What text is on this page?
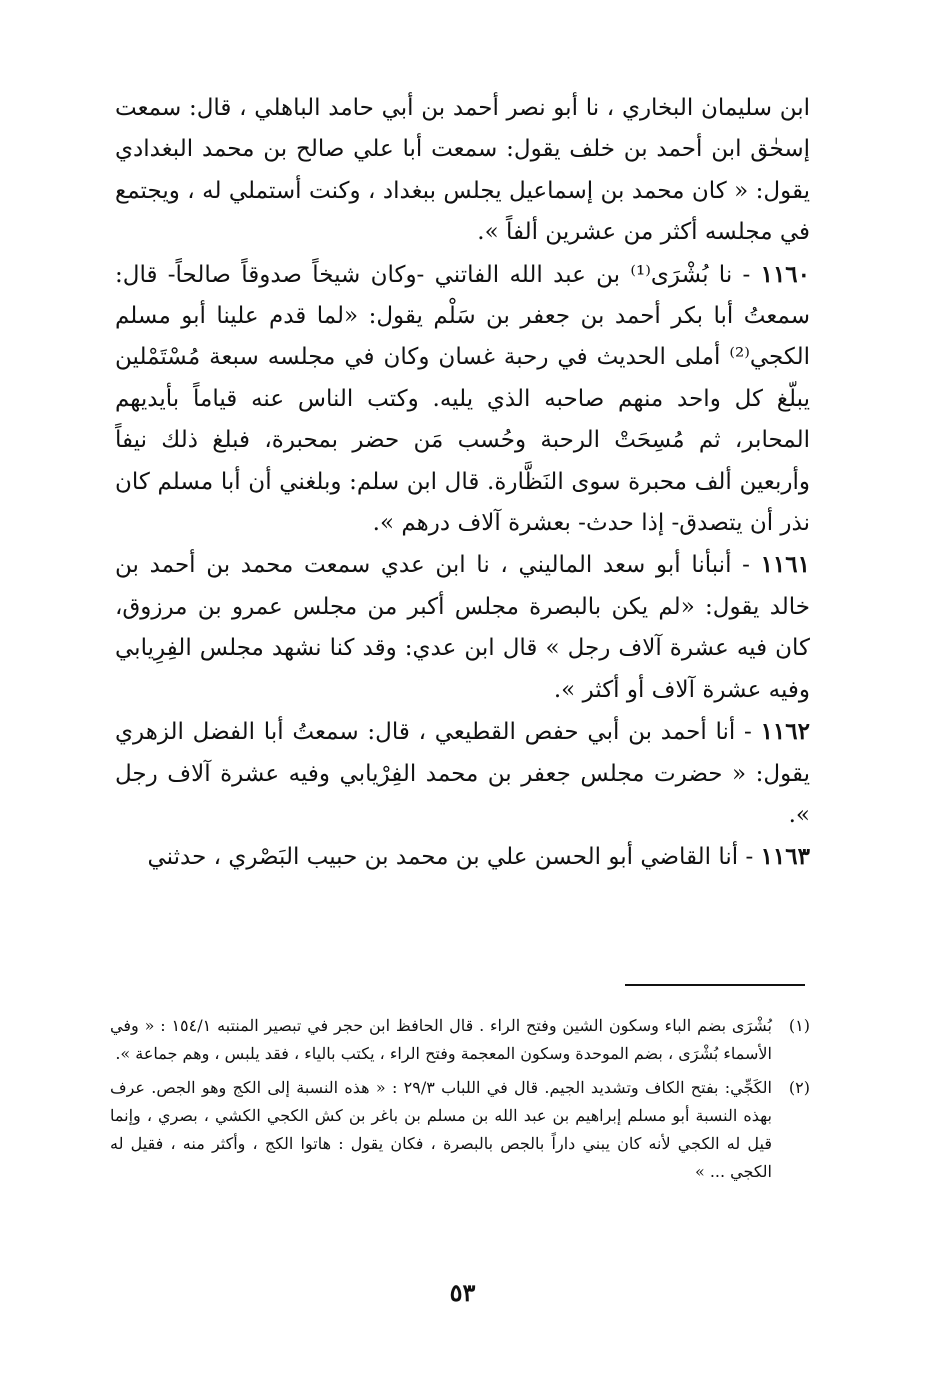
ابن سليمان البخاري ، نا أبو نصر أحمد بن أبي حامد الباهلي ، قال: سمعت إسحٰق ابن أحمد بن خلف يقول: سمعت أبا علي صالح بن محمد البغدادي يقول: « كان محمد بن إسماعيل يجلس ببغداد ، وكنت أستملي له ، ويجتمع في مجلسه أكثر من عشرين ألفاً ».

١١٦٠ - نا بُشْرَى⁽¹⁾ بن عبد الله الفاتني -وكان شيخاً صدوقاً صالحاً- قال: سمعتُ أبا بكر أحمد بن جعفر بن سَلْم يقول: «لما قدم علينا أبو مسلم الكجي⁽²⁾ أملى الحديث في رحبة غسان وكان في مجلسه سبعة مُسْتَمْلين يبلّغ كل واحد منهم صاحبه الذي يليه. وكتب الناس عنه قياماً بأيديهم المحابر، ثم مُسِحَتْ الرحبة وحُسب مَن حضر بمحبرة، فبلغ ذلك نيفاً وأربعين ألف محبرة سوى النَظَّارة. قال ابن سلم: وبلغني أن أبا مسلم كان نذر أن يتصدق- إذا حدث- بعشرة آلاف درهم ».

١١٦١ - أنبأنا أبو سعد الماليني ، نا ابن عدي سمعت محمد بن أحمد بن خالد يقول: «لم يكن بالبصرة مجلس أكبر من مجلس عمرو بن مرزوق، كان فيه عشرة آلاف رجل » قال ابن عدي: وقد كنا نشهد مجلس الفِرِيابي وفيه عشرة آلاف أو أكثر ».

١١٦٢ - أنا أحمد بن أبي حفص القطيعي ، قال: سمعتُ أبا الفضل الزهري يقول: « حضرت مجلس جعفر بن محمد الفِرْيابي وفيه عشرة آلاف رجل ».

١١٦٣ - أنا القاضي أبو الحسن علي بن محمد بن حبيب البَصْري ، حدثني

(١)
بُشْرَى بضم الباء وسكون الشين وفتح الراء . قال الحافظ ابن حجر في تبصير المنتبه ١٥٤/١ : « وفي الأسماء بُشْرَى ، بضم الموحدة وسكون المعجمة وفتح الراء ، يكتب بالياء ، فقد يلبس ، وهم جماعة ».
(٢)
الكَجِّي: بفتح الكاف وتشديد الجيم. قال في اللباب ٢٩/٣ : « هذه النسبة إلى الكج وهو الجص. عرف بهذه النسبة أبو مسلم إبراهيم بن عبد الله بن مسلم بن باغر بن كش الكجي الكشي ، بصري ، وإنما قيل له الكجي لأنه كان يبني داراً بالجص بالبصرة ، فكان يقول : هاتوا الكج ، وأكثر منه ، فقيل له الكجي ... »
٥٣
